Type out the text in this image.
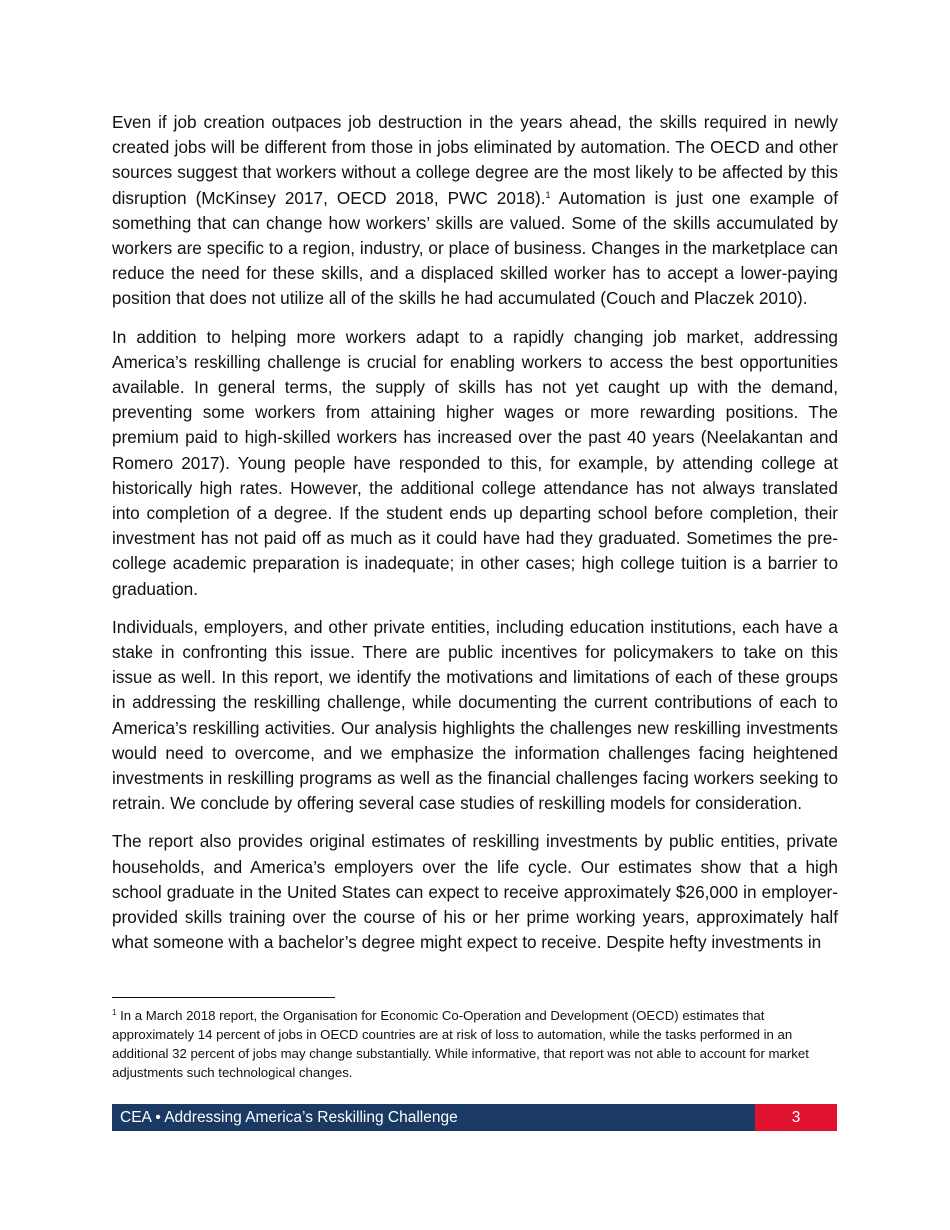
Even if job creation outpaces job destruction in the years ahead, the skills required in newly created jobs will be different from those in jobs eliminated by automation. The OECD and other sources suggest that workers without a college degree are the most likely to be affected by this disruption (McKinsey 2017, OECD 2018, PWC 2018).$^1$ Automation is just one example of something that can change how workers’ skills are valued. Some of the skills accumulated by workers are specific to a region, industry, or place of business. Changes in the marketplace can reduce the need for these skills, and a displaced skilled worker has to accept a lower-paying position that does not utilize all of the skills he had accumulated (Couch and Placzek 2010).

In addition to helping more workers adapt to a rapidly changing job market, addressing America’s reskilling challenge is crucial for enabling workers to access the best opportunities available. In general terms, the supply of skills has not yet caught up with the demand, preventing some workers from attaining higher wages or more rewarding positions. The premium paid to high-skilled workers has increased over the past 40 years (Neelakantan and Romero 2017). Young people have responded to this, for example, by attending college at historically high rates. However, the additional college attendance has not always translated into completion of a degree. If the student ends up departing school before completion, their investment has not paid off as much as it could have had they graduated. Sometimes the pre-college academic preparation is inadequate; in other cases; high college tuition is a barrier to graduation.

Individuals, employers, and other private entities, including education institutions, each have a stake in confronting this issue. There are public incentives for policymakers to take on this issue as well. In this report, we identify the motivations and limitations of each of these groups in addressing the reskilling challenge, while documenting the current contributions of each to America’s reskilling activities. Our analysis highlights the challenges new reskilling investments would need to overcome, and we emphasize the information challenges facing heightened investments in reskilling programs as well as the financial challenges facing workers seeking to retrain. We conclude by offering several case studies of reskilling models for consideration.

The report also provides original estimates of reskilling investments by public entities, private households, and America’s employers over the life cycle. Our estimates show that a high school graduate in the United States can expect to receive approximately $26,000 in employer-provided skills training over the course of his or her prime working years, approximately half what someone with a bachelor’s degree might expect to receive. Despite hefty investments in

$^1$ In a March 2018 report, the Organisation for Economic Co-Operation and Development (OECD) estimates that approximately 14 percent of jobs in OECD countries are at risk of loss to automation, while the tasks performed in an additional 32 percent of jobs may change substantially. While informative, that report was not able to account for market adjustments such technological changes.

CEA • Addressing America’s Reskilling Challenge	3
